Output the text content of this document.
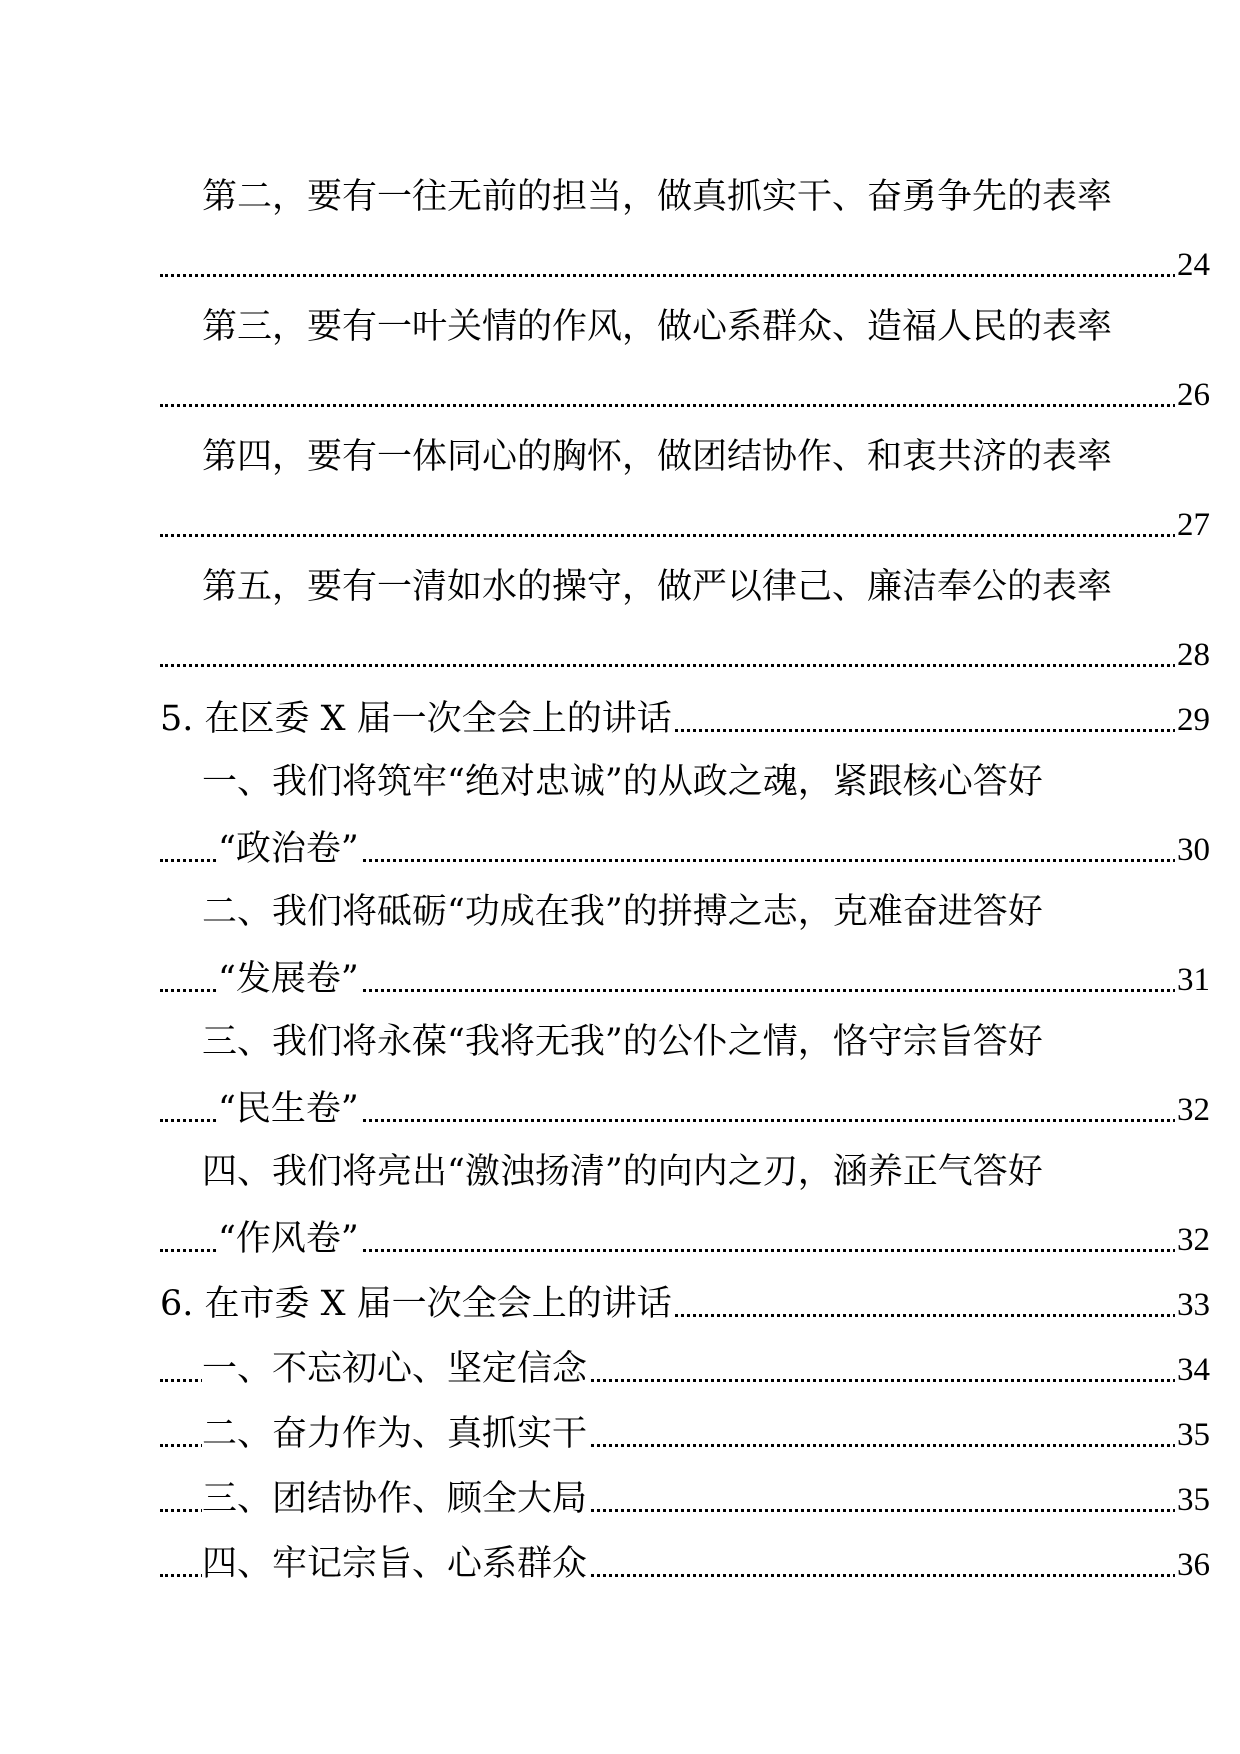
第二，要有一往无前的担当，做真抓实干、奋勇争先的表率
24
第三，要有一叶关情的作风，做心系群众、造福人民的表率
26
第四，要有一体同心的胸怀，做团结协作、和衷共济的表率
27
第五，要有一清如水的操守，做严以律己、廉洁奉公的表率
28
29
5. 在区委 X 届一次全会上的讲话
一、我们将筑牢“绝对忠诚”的从政之魂，紧跟核心答好
30
“政治卷”
二、我们将砥砺“功成在我”的拼搏之志，克难奋进答好
31
“发展卷”
三、我们将永葆“我将无我”的公仆之情，恪守宗旨答好
32
“民生卷”
四、我们将亮出“激浊扬清”的向内之刃，涵养正气答好
32
“作风卷”
33
6. 在市委 X 届一次全会上的讲话
34
一、不忘初心、坚定信念
35
二、奋力作为、真抓实干
35
三、团结协作、顾全大局
36
四、牢记宗旨、心系群众
